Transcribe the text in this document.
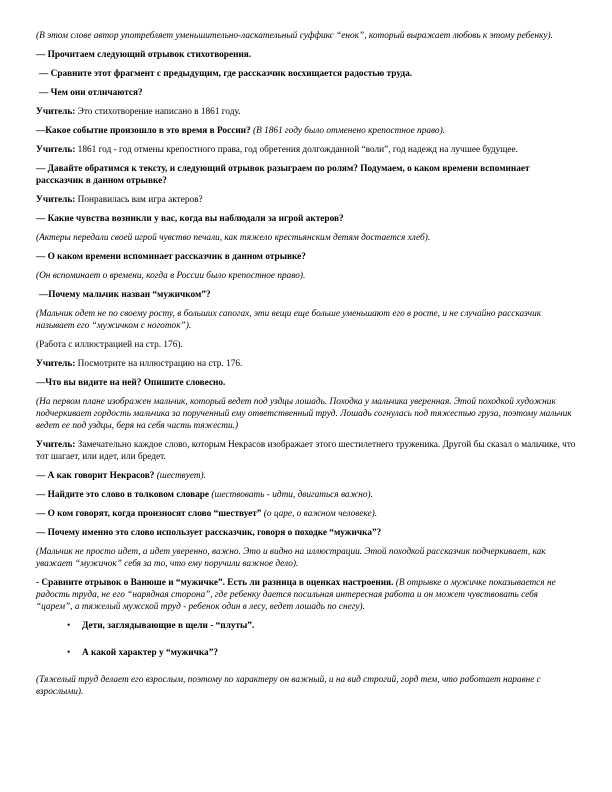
(В этом слове автор употребляет уменьшительно-ласкательный суффикс “енок”, который выражает любовь к этому ребенку).

— Прочитаем следующий отрывок стихотворения.

— Сравните этот фрагмент с предыдущим, где рассказчик восхищается радостью труда.

— Чем они отличаются?

Учитель: Это стихотворение написано в 1861 году.

—Какое событие произошло в это время в России? (В 1861 году было отменено крепостное право).

Учитель: 1861 год - год отмены крепостного права, год обретения долгожданной “воли”, год надежд на лучшее будущее.

— Давайте обратимся к тексту, и следующий отрывок разыграем по ролям? Подумаем, о каком времени вспоминает рассказчик в данном отрывке?

Учитель: Понравилась вам игра актеров?

— Какие чувства возникли у вас, когда вы наблюдали за игрой актеров?

(Актеры передали своей игрой чувство печали, как тяжело крестьянским детям достается хлеб).

— О каком времени вспоминает рассказчик в данном отрывке?

(Он вспоминает о времени, когда в России было крепостное право).

—Почему мальчик назван “мужичком”?

(Мальчик одет не по своему росту, в больших сапогах, эти вещи еще больше уменьшают его в росте, и не случайно рассказчик называет его “мужичком с ноготок”).

(Работа с иллюстрацией на стр. 176).

Учитель: Посмотрите на иллюстрацию на стр. 176.

—Что вы видите на ней? Опишите словесно.

(На первом плане изображен мальчик, который ведет под уздцы лошадь. Походка у мальчика уверенная. Этой походкой художник подчеркивает гордость мальчика за порученный ему ответственный труд. Лошадь согнулась под тяжестью груза, поэтому мальчик ведет ее под уздцы, беря на себя часть тяжести.)

Учитель: Замечательно каждое слово, которым Некрасов изображает этого шестилетнего труженика. Другой бы сказал о мальчике, что тот шагает, или идет, или бредет.

— А как говорит Некрасов? (шествует).

— Найдите это слово в толковом словаре (шествовать - идти, двигаться важно).

— О ком говорят, когда произносят слово “шествует” (о царе, о важном человеке).

— Почему именно это слово использует рассказчик, говоря о походке “мужичка”?

(Мальчик не просто идет, а идет уверенно, важно. Это и видно на иллюстрации. Этой походкой рассказчик подчеркивает, как уважает “мужичок” себя за то, что ему поручили важное дело).

- Сравните отрывок о Ванюше и “мужичке”. Есть ли разница в оценках настроения. (В отрывке о мужичке показывается не радость труда, не его “нарядная сторона”, где ребенку дается посильная интересная работа и он может чувствовать себя “царем”, а тяжелый мужской труд - ребенок один в лесу, ведет лошадь по снегу).

• Дети, заглядывающие в щели - “плуты”.
• А какой характер у “мужичка”?

(Тяжелый труд делает его взрослым, поэтому по характеру он важный, и на вид строгий, горд тем, что работает наравне с взрослыми).
